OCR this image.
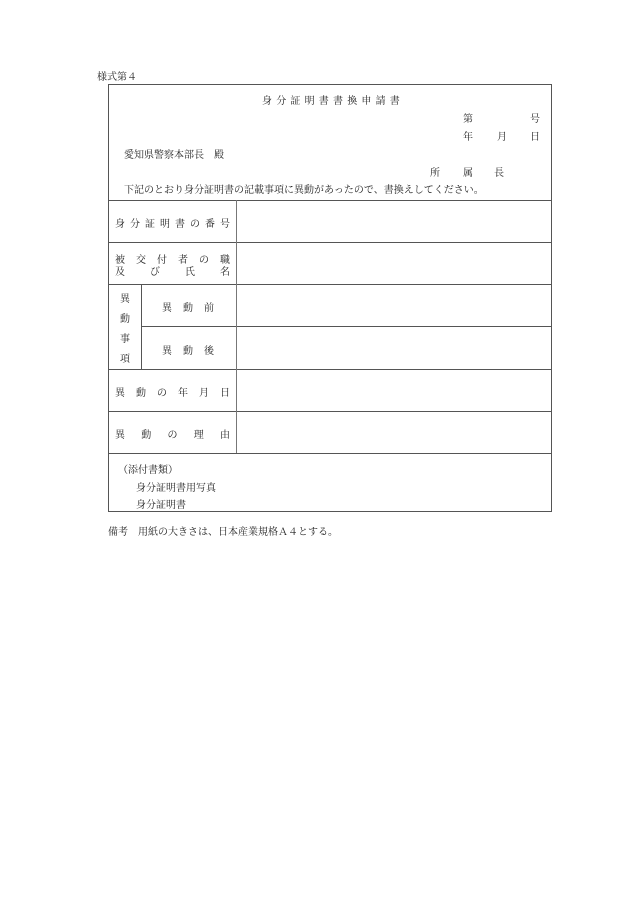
様式第４
身分証明書書換申請書
第	号
年 月 日
愛知県警察本部長　殿
所 属 長
下記のとおり身分証明書の記載事項に異動があったので、書換えしてください。
身 分 証 明 書 の 番 号
被 交 付 者 の 職
及	び	氏	名
異
動
事
項
異 動 前
異 動 後
異 動 の 年 月 日
異 動 の 理 由
（添付書類）
身分証明書用写真
身分証明書
備考　用紙の大きさは、日本産業規格Ａ４とする。
